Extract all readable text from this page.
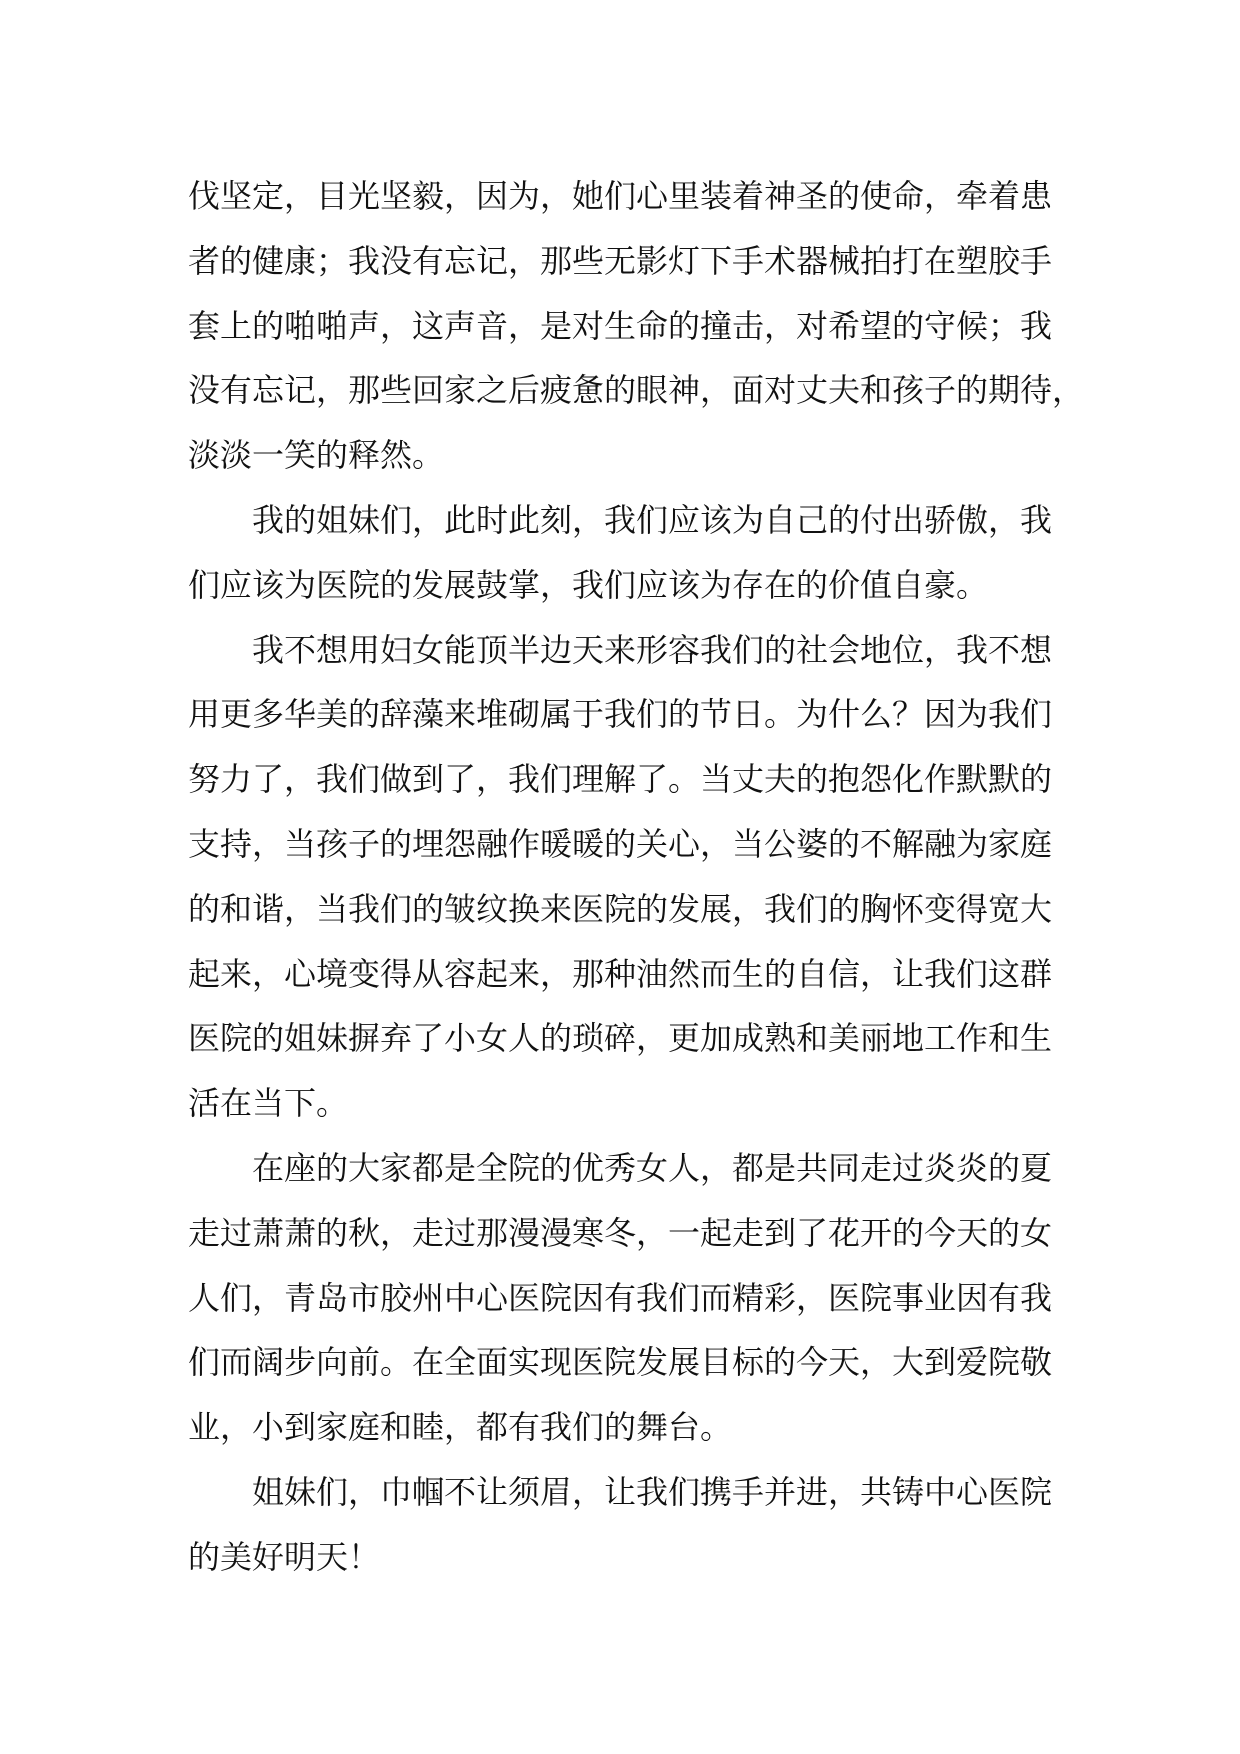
伐坚定，目光坚毅，因为，她们心里装着神圣的使命，牵着患
者的健康；我没有忘记，那些无影灯下手术器械拍打在塑胶手
套上的啪啪声，这声音，是对生命的撞击，对希望的守候；我
没有忘记，那些回家之后疲惫的眼神，面对丈夫和孩子的期待，
淡淡一笑的释然。
我的姐妹们，此时此刻，我们应该为自己的付出骄傲，我
们应该为医院的发展鼓掌，我们应该为存在的价值自豪。
我不想用妇女能顶半边天来形容我们的社会地位，我不想
用更多华美的辞藻来堆砌属于我们的节日。为什么？因为我们
努力了，我们做到了，我们理解了。当丈夫的抱怨化作默默的
支持，当孩子的埋怨融作暖暖的关心，当公婆的不解融为家庭
的和谐，当我们的皱纹换来医院的发展，我们的胸怀变得宽大
起来，心境变得从容起来，那种油然而生的自信，让我们这群
医院的姐妹摒弃了小女人的琐碎，更加成熟和美丽地工作和生
活在当下。
在座的大家都是全院的优秀女人，都是共同走过炎炎的夏
走过萧萧的秋，走过那漫漫寒冬，一起走到了花开的今天的女
人们，青岛市胶州中心医院因有我们而精彩，医院事业因有我
们而阔步向前。在全面实现医院发展目标的今天，大到爱院敬
业，小到家庭和睦，都有我们的舞台。
姐妹们，巾帼不让须眉，让我们携手并进，共铸中心医院
的美好明天！
